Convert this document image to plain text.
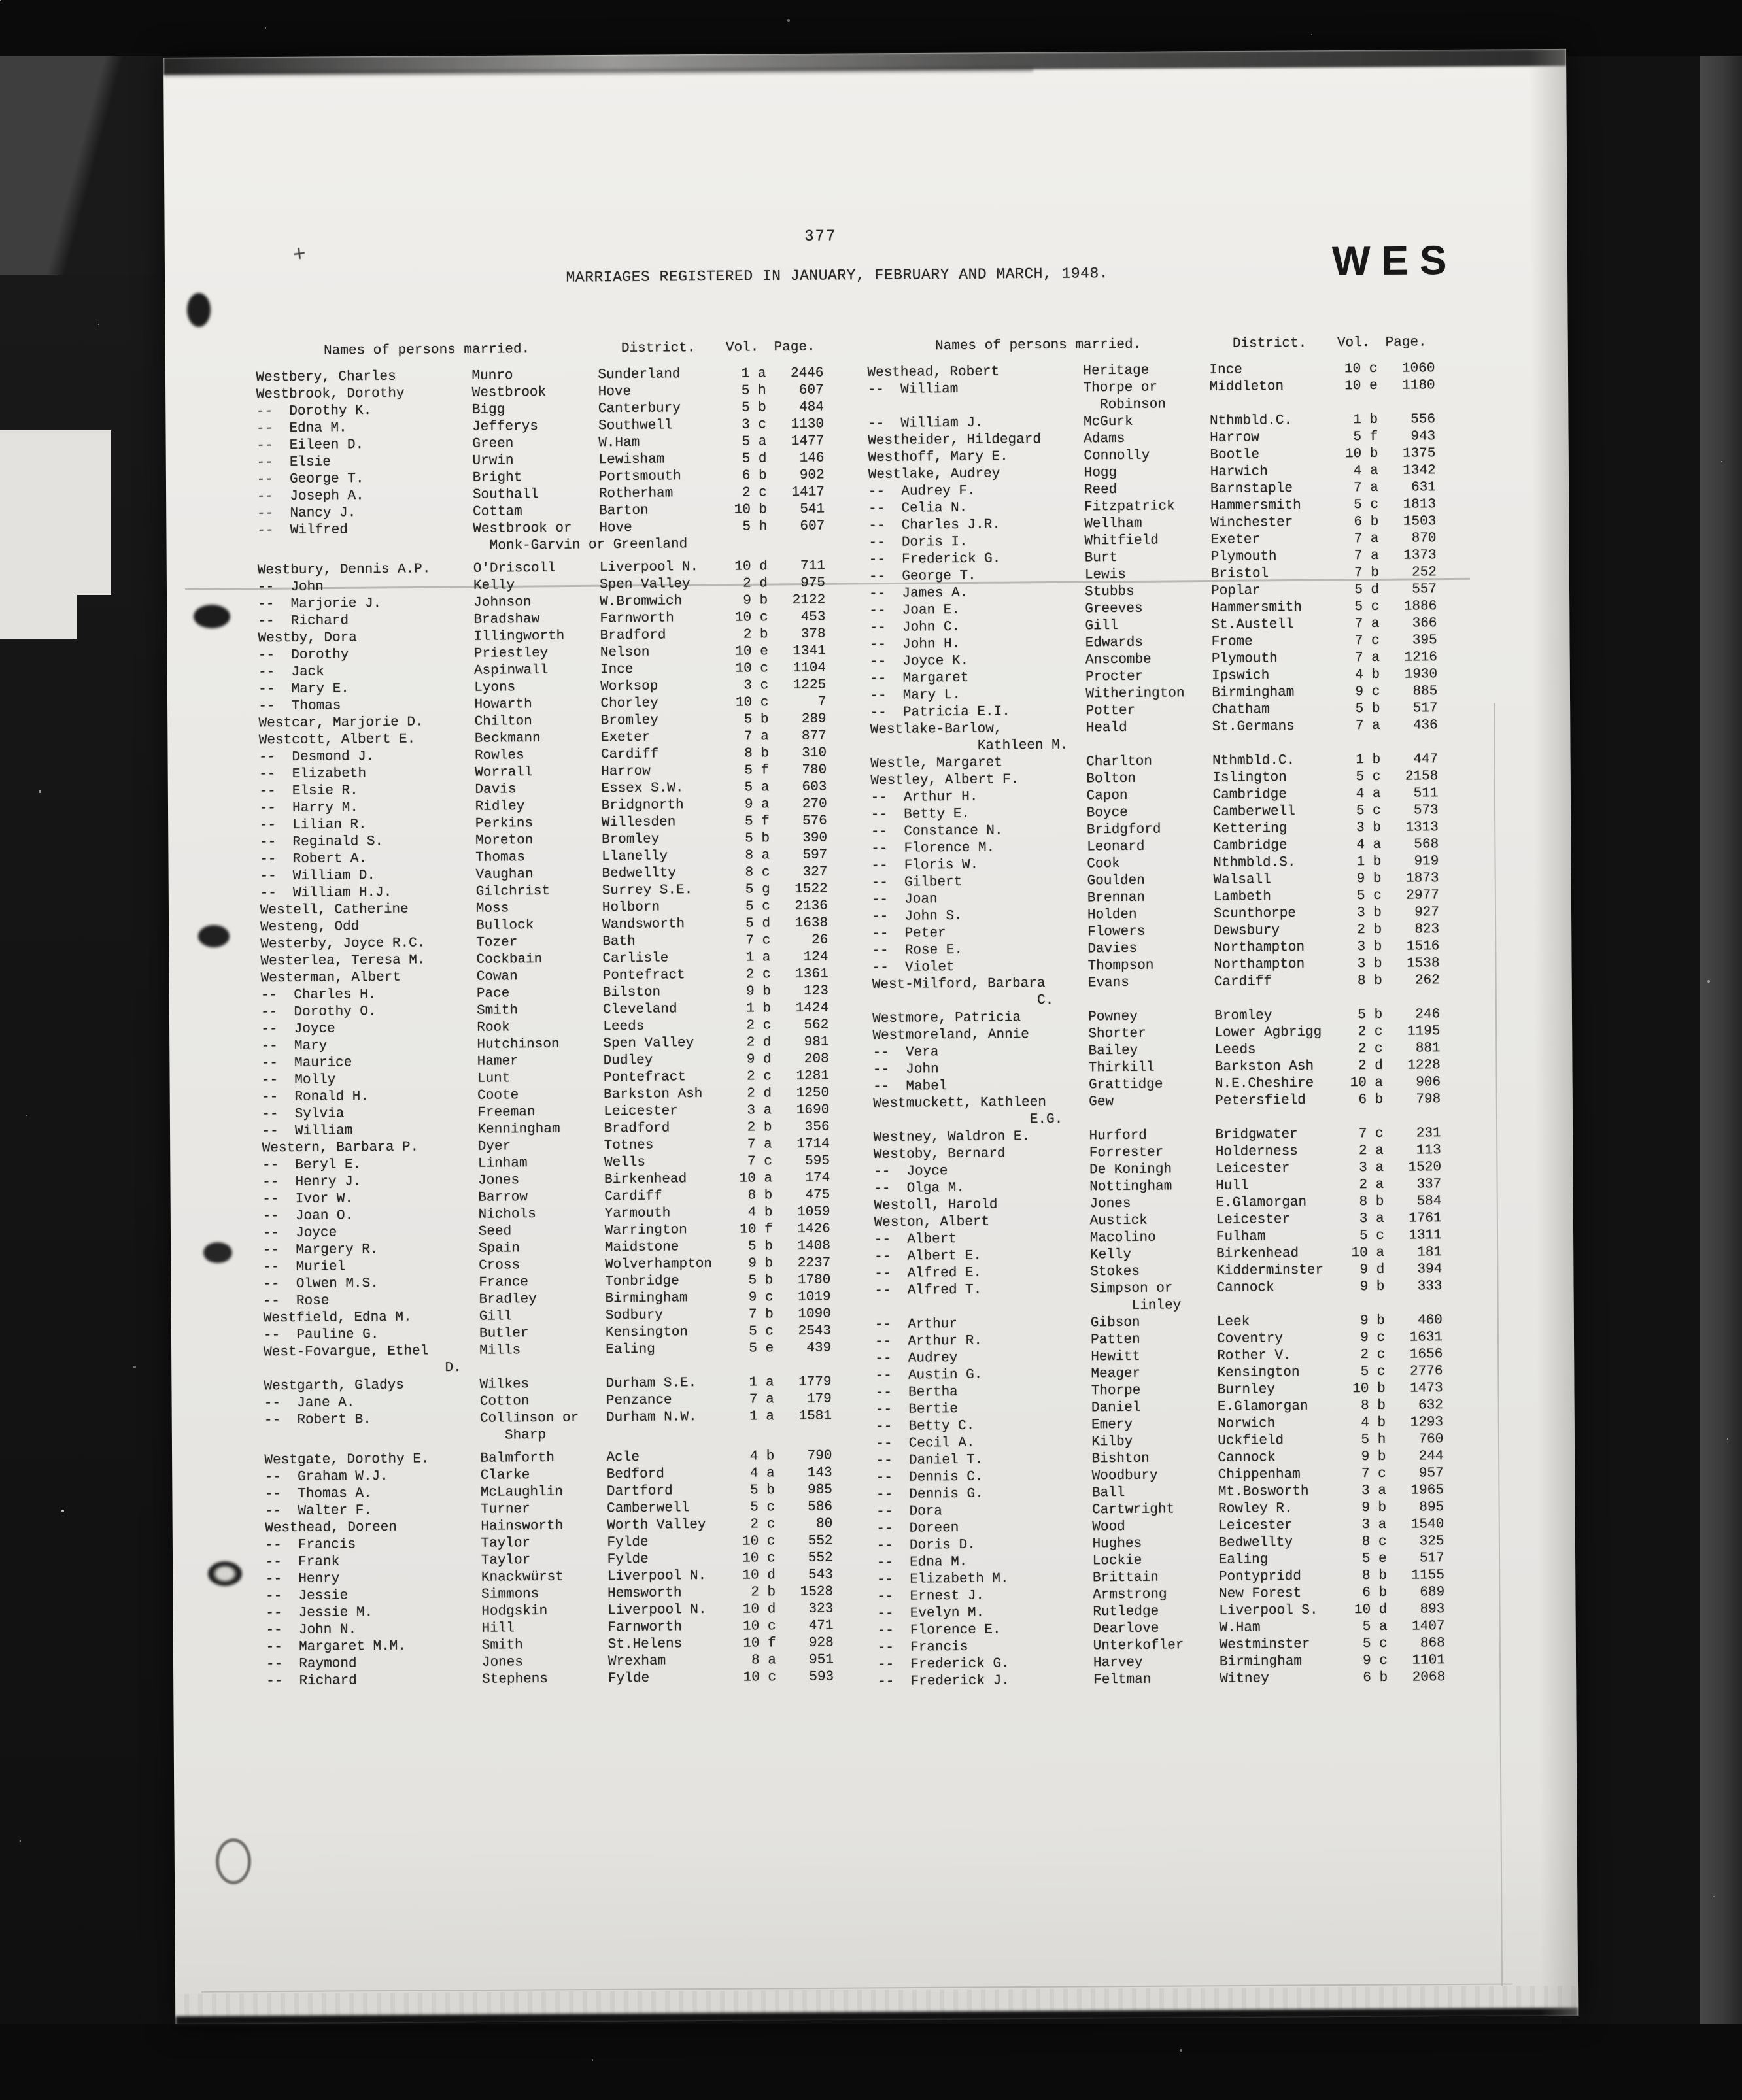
+
377
MARRIAGES REGISTERED IN JANUARY, FEBRUARY AND MARCH, 1948.	WES
Names of persons married.	District.	Vol.	Page.
Westbery, Charles	Munro	Sunderland	1 a	2446
Westbrook, Dorothy	Westbrook	Hove	5 h	607
--  Dorothy K.	Bigg	Canterbury	5 b	484
--  Edna M.	Jefferys	Southwell	3 c	1130
--  Eileen D.	Green	W.Ham	5 a	1477
--  Elsie	Urwin	Lewisham	5 d	146
--  George T.	Bright	Portsmouth	6 b	902
--  Joseph A.	Southall	Rotherham	2 c	1417
--  Nancy J.	Cottam	Barton	10 b	541
--  Wilfred	Westbrook or	Hove	5 h	607
Monk-Garvin or Greenland
Westbury, Dennis A.P.	O'Driscoll	Liverpool N.	10 d	711
--  John	Kelly	Spen Valley	2 d	975
--  Marjorie J.	Johnson	W.Bromwich	9 b	2122
--  Richard	Bradshaw	Farnworth	10 c	453
Westby, Dora	Illingworth	Bradford	2 b	378
--  Dorothy	Priestley	Nelson	10 e	1341
--  Jack	Aspinwall	Ince	10 c	1104
--  Mary E.	Lyons	Worksop	3 c	1225
--  Thomas	Howarth	Chorley	10 c	7
Westcar, Marjorie D.	Chilton	Bromley	5 b	289
Westcott, Albert E.	Beckmann	Exeter	7 a	877
--  Desmond J.	Rowles	Cardiff	8 b	310
--  Elizabeth	Worrall	Harrow	5 f	780
--  Elsie R.	Davis	Essex S.W.	5 a	603
--  Harry M.	Ridley	Bridgnorth	9 a	270
--  Lilian R.	Perkins	Willesden	5 f	576
--  Reginald S.	Moreton	Bromley	5 b	390
--  Robert A.	Thomas	Llanelly	8 a	597
--  William D.	Vaughan	Bedwellty	8 c	327
--  William H.J.	Gilchrist	Surrey S.E.	5 g	1522
Westell, Catherine	Moss	Holborn	5 c	2136
Westeng, Odd	Bullock	Wandsworth	5 d	1638
Westerby, Joyce R.C.	Tozer	Bath	7 c	26
Westerlea, Teresa M.	Cockbain	Carlisle	1 a	124
Westerman, Albert	Cowan	Pontefract	2 c	1361
--  Charles H.	Pace	Bilston	9 b	123
--  Dorothy O.	Smith	Cleveland	1 b	1424
--  Joyce	Rook	Leeds	2 c	562
--  Mary	Hutchinson	Spen Valley	2 d	981
--  Maurice	Hamer	Dudley	9 d	208
--  Molly	Lunt	Pontefract	2 c	1281
--  Ronald H.	Coote	Barkston Ash	2 d	1250
--  Sylvia	Freeman	Leicester	3 a	1690
--  William	Kenningham	Bradford	2 b	356
Western, Barbara P.	Dyer	Totnes	7 a	1714
--  Beryl E.	Linham	Wells	7 c	595
--  Henry J.	Jones	Birkenhead	10 a	174
--  Ivor W.	Barrow	Cardiff	8 b	475
--  Joan O.	Nichols	Yarmouth	4 b	1059
--  Joyce	Seed	Warrington	10 f	1426
--  Margery R.	Spain	Maidstone	5 b	1408
--  Muriel	Cross	Wolverhampton	9 b	2237
--  Olwen M.S.	France	Tonbridge	5 b	1780
--  Rose	Bradley	Birmingham	9 c	1019
Westfield, Edna M.	Gill	Sodbury	7 b	1090
--  Pauline G.	Butler	Kensington	5 c	2543
West-Fovargue, Ethel	Mills	Ealing	5 e	439
D.
Westgarth, Gladys	Wilkes	Durham S.E.	1 a	1779
--  Jane A.	Cotton	Penzance	7 a	179
--  Robert B.	Collinson or	Durham N.W.	1 a	1581
Sharp
Westgate, Dorothy E.	Balmforth	Acle	4 b	790
--  Graham W.J.	Clarke	Bedford	4 a	143
--  Thomas A.	McLaughlin	Dartford	5 b	985
--  Walter F.	Turner	Camberwell	5 c	586
Westhead, Doreen	Hainsworth	Worth Valley	2 c	80
--  Francis	Taylor	Fylde	10 c	552
--  Frank	Taylor	Fylde	10 c	552
--  Henry	Knackwürst	Liverpool N.	10 d	543
--  Jessie	Simmons	Hemsworth	2 b	1528
--  Jessie M.	Hodgskin	Liverpool N.	10 d	323
--  John N.	Hill	Farnworth	10 c	471
--  Margaret M.M.	Smith	St.Helens	10 f	928
--  Raymond	Jones	Wrexham	8 a	951
--  Richard	Stephens	Fylde	10 c	593
Names of persons married.	District.	Vol.	Page.
Westhead, Robert	Heritage	Ince	10 c	1060
--  William	Thorpe or	Middleton	10 e	1180
Robinson
--  William J.	McGurk	Nthmbld.C.	1 b	556
Westheider, Hildegard	Adams	Harrow	5 f	943
Westhoff, Mary E.	Connolly	Bootle	10 b	1375
Westlake, Audrey	Hogg	Harwich	4 a	1342
--  Audrey F.	Reed	Barnstaple	7 a	631
--  Celia N.	Fitzpatrick	Hammersmith	5 c	1813
--  Charles J.R.	Wellham	Winchester	6 b	1503
--  Doris I.	Whitfield	Exeter	7 a	870
--  Frederick G.	Burt	Plymouth	7 a	1373
--  George T.	Lewis	Bristol	7 b	252
--  James A.	Stubbs	Poplar	5 d	557
--  Joan E.	Greeves	Hammersmith	5 c	1886
--  John C.	Gill	St.Austell	7 a	366
--  John H.	Edwards	Frome	7 c	395
--  Joyce K.	Anscombe	Plymouth	7 a	1216
--  Margaret	Procter	Ipswich	4 b	1930
--  Mary L.	Witherington	Birmingham	9 c	885
--  Patricia E.I.	Potter	Chatham	5 b	517
Westlake-Barlow,	Heald	St.Germans	7 a	436
Kathleen M.
Westle, Margaret	Charlton	Nthmbld.C.	1 b	447
Westley, Albert F.	Bolton	Islington	5 c	2158
--  Arthur H.	Capon	Cambridge	4 a	511
--  Betty E.	Boyce	Camberwell	5 c	573
--  Constance N.	Bridgford	Kettering	3 b	1313
--  Florence M.	Leonard	Cambridge	4 a	568
--  Floris W.	Cook	Nthmbld.S.	1 b	919
--  Gilbert	Goulden	Walsall	9 b	1873
--  Joan	Brennan	Lambeth	5 c	2977
--  John S.	Holden	Scunthorpe	3 b	927
--  Peter	Flowers	Dewsbury	2 b	823
--  Rose E.	Davies	Northampton	3 b	1516
--  Violet	Thompson	Northampton	3 b	1538
West-Milford, Barbara	Evans	Cardiff	8 b	262
C.
Westmore, Patricia	Powney	Bromley	5 b	246
Westmoreland, Annie	Shorter	Lower Agbrigg	2 c	1195
--  Vera	Bailey	Leeds	2 c	881
--  John	Thirkill	Barkston Ash	2 d	1228
--  Mabel	Grattidge	N.E.Cheshire	10 a	906
Westmuckett, Kathleen	Gew	Petersfield	6 b	798
E.G.
Westney, Waldron E.	Hurford	Bridgwater	7 c	231
Westoby, Bernard	Forrester	Holderness	2 a	113
--  Joyce	De Koningh	Leicester	3 a	1520
--  Olga M.	Nottingham	Hull	2 a	337
Westoll, Harold	Jones	E.Glamorgan	8 b	584
Weston, Albert	Austick	Leicester	3 a	1761
--  Albert	Macolino	Fulham	5 c	1311
--  Albert E.	Kelly	Birkenhead	10 a	181
--  Alfred E.	Stokes	Kidderminster	9 d	394
--  Alfred T.	Simpson or	Cannock	9 b	333
Linley
--  Arthur	Gibson	Leek	9 b	460
--  Arthur R.	Patten	Coventry	9 c	1631
--  Audrey	Hewitt	Rother V.	2 c	1656
--  Austin G.	Meager	Kensington	5 c	2776
--  Bertha	Thorpe	Burnley	10 b	1473
--  Bertie	Daniel	E.Glamorgan	8 b	632
--  Betty C.	Emery	Norwich	4 b	1293
--  Cecil A.	Kilby	Uckfield	5 h	760
--  Daniel T.	Bishton	Cannock	9 b	244
--  Dennis C.	Woodbury	Chippenham	7 c	957
--  Dennis G.	Ball	Mt.Bosworth	3 a	1965
--  Dora	Cartwright	Rowley R.	9 b	895
--  Doreen	Wood	Leicester	3 a	1540
--  Doris D.	Hughes	Bedwellty	8 c	325
--  Edna M.	Lockie	Ealing	5 e	517
--  Elizabeth M.	Brittain	Pontypridd	8 b	1155
--  Ernest J.	Armstrong	New Forest	6 b	689
--  Evelyn M.	Rutledge	Liverpool S.	10 d	893
--  Florence E.	Dearlove	W.Ham	5 a	1407
--  Francis	Unterkofler	Westminster	5 c	868
--  Frederick G.	Harvey	Birmingham	9 c	1101
--  Frederick J.	Feltman	Witney	6 b	2068
